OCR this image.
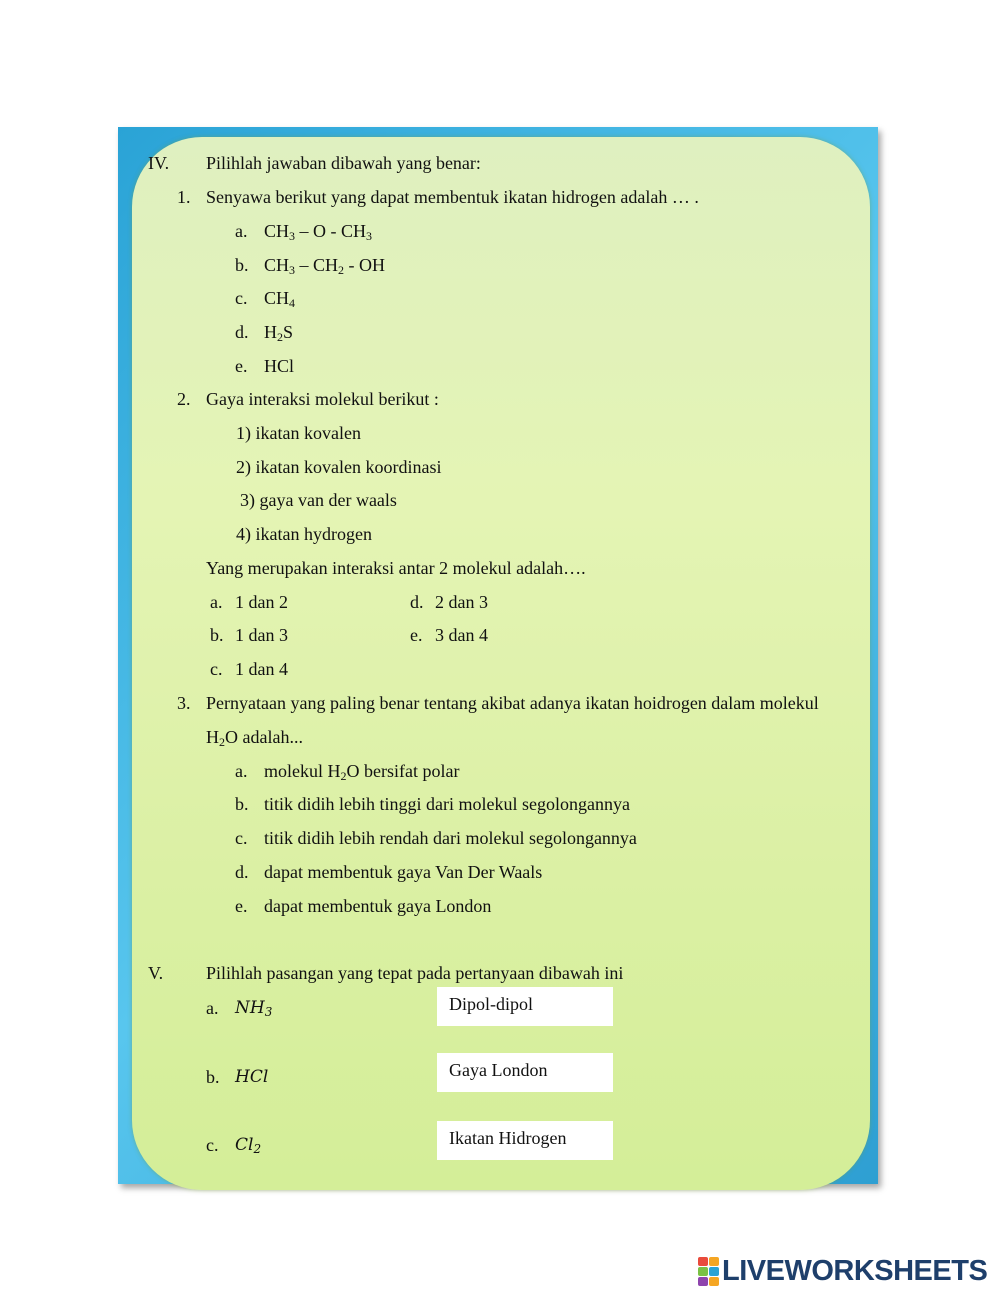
IV. Pilihlah jawaban dibawah yang benar:
1. Senyawa berikut yang dapat membentuk ikatan hidrogen adalah … .
a. $CH_3$ – O - $CH_3$
b. $CH_3 - CH_2$ - OH
c. $CH_4$
d. $H_2S$
e. HCl
2. Gaya interaksi molekul berikut :
1) ikatan kovalen
2) ikatan kovalen koordinasi
3) gaya van der waals
4) ikatan hydrogen
Yang merupakan interaksi antar 2 molekul adalah….
a. 1 dan 2	d. 2 dan 3
b. 1 dan 3	e. 3 dan 4
c. 1 dan 4
3. Pernyataan yang paling benar tentang akibat adanya ikatan hoidrogen dalam molekul
$H_2O$ adalah...
a. molekul $H_2O$ bersifat polar
b. titik didih lebih tinggi dari molekul segolongannya
c. titik didih lebih rendah dari molekul segolongannya
d. dapat membentuk gaya Van Der Waals
e. dapat membentuk gaya London
V. Pilihlah pasangan yang tepat pada pertanyaan dibawah ini
a. $NH_3$
b. HCl
c. $Cl_2$
Dipol-dipol
Gaya London
Ikatan Hidrogen
LIVEWORKSHEETS
